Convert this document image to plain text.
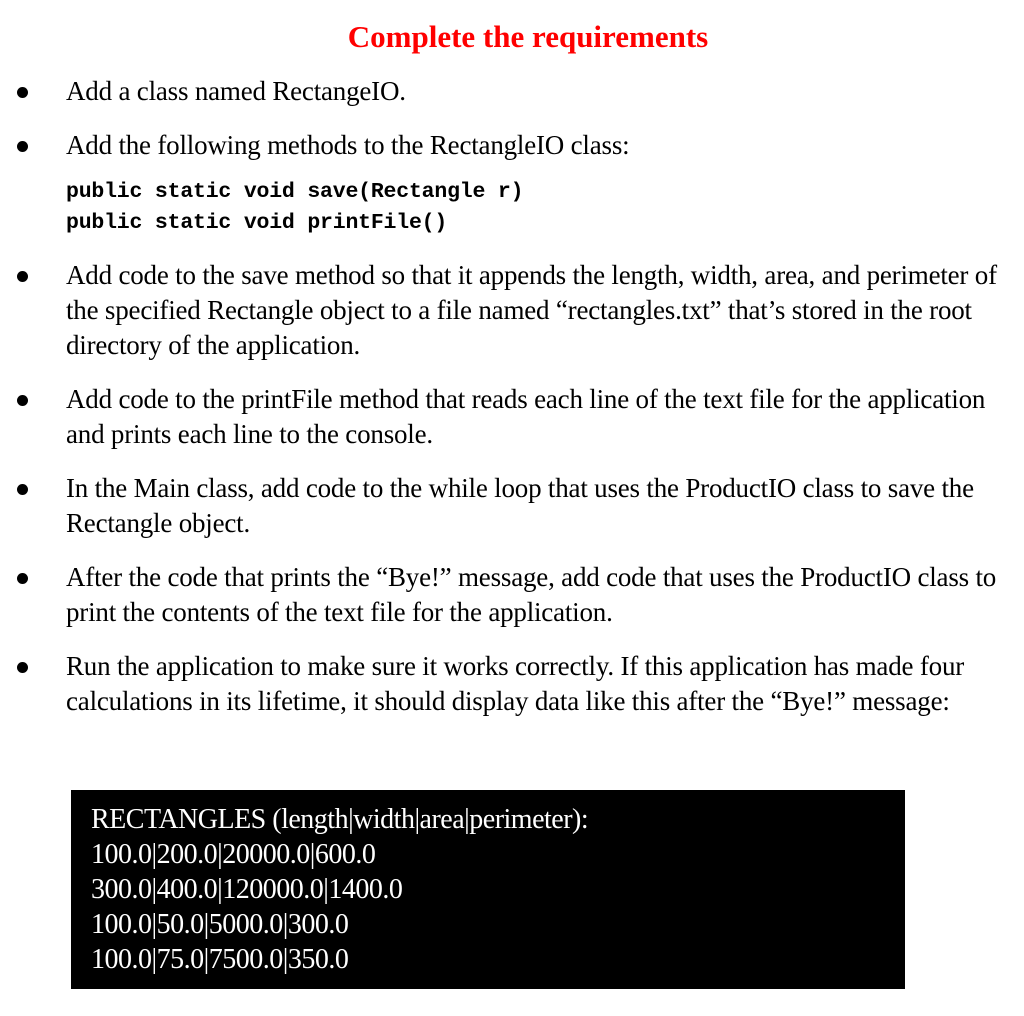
Complete the requirements
Add a class named RectangeIO.
Add the following methods to the RectangleIO class:
public static void save(Rectangle r)
public static void printFile()
Add code to the save method so that it appends the length, width, area, and perimeter of the specified Rectangle object to a file named “rectangles.txt” that’s stored in the root directory of the application.
Add code to the printFile method that reads each line of the text file for the application and prints each line to the console.
In the Main class, add code to the while loop that uses the ProductIO class to save the Rectangle object.
After the code that prints the “Bye!” message, add code that uses the ProductIO class to print the contents of the text file for the application.
Run the application to make sure it works correctly. If this application has made four calculations in its lifetime, it should display data like this after the “Bye!” message:
RECTANGLES (length|width|area|perimeter):
100.0|200.0|20000.0|600.0
300.0|400.0|120000.0|1400.0
100.0|50.0|5000.0|300.0
100.0|75.0|7500.0|350.0
